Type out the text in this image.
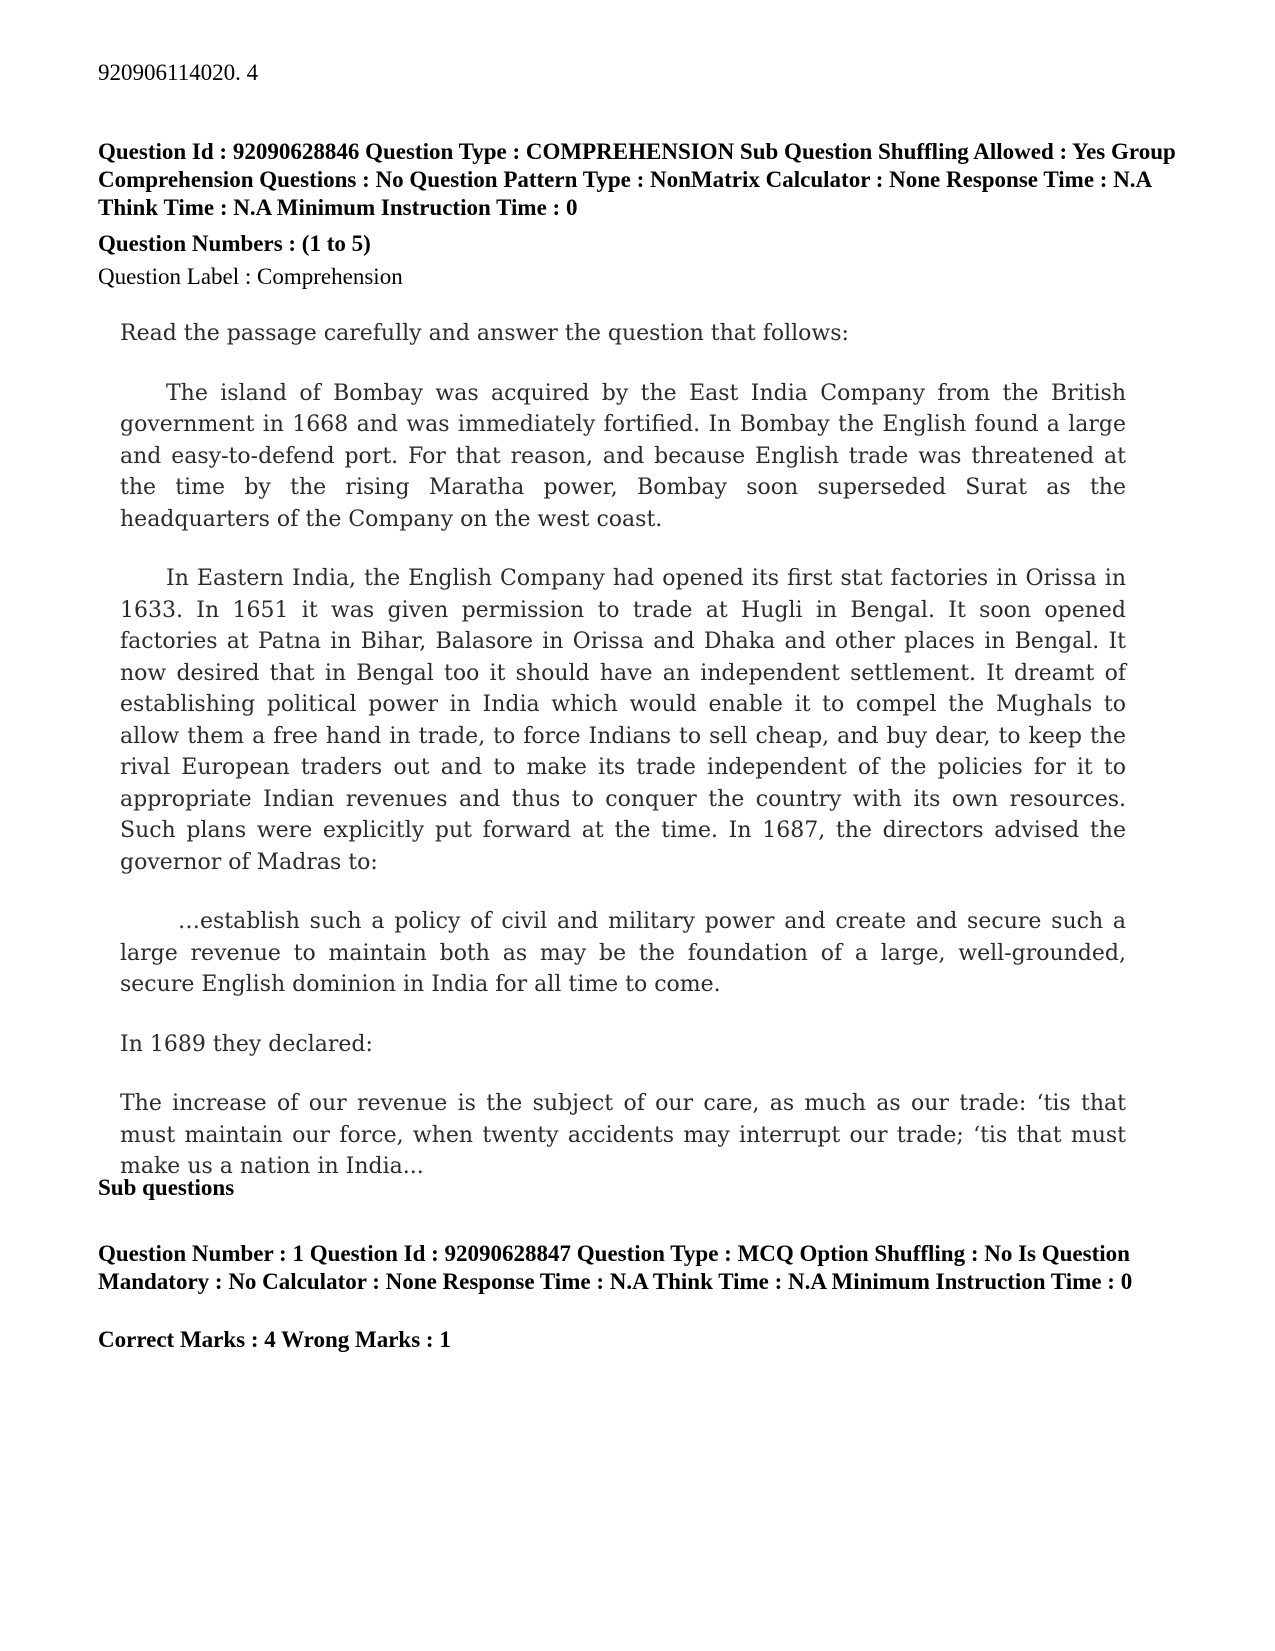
920906114020. 4
Question Id : 92090628846 Question Type : COMPREHENSION Sub Question Shuffling Allowed : Yes Group Comprehension Questions : No Question Pattern Type : NonMatrix Calculator : None Response Time : N.A Think Time : N.A Minimum Instruction Time : 0
Question Numbers : (1 to 5)
Question Label : Comprehension

Read the passage carefully and answer the question that follows:

The island of Bombay was acquired by the East India Company from the British government in 1668 and was immediately fortified. In Bombay the English found a large and easy-to-defend port. For that reason, and because English trade was threatened at the time by the rising Maratha power, Bombay soon superseded Surat as the headquarters of the Company on the west coast.

In Eastern India, the English Company had opened its first stat factories in Orissa in 1633. In 1651 it was given permission to trade at Hugli in Bengal. It soon opened factories at Patna in Bihar, Balasore in Orissa and Dhaka and other places in Bengal. It now desired that in Bengal too it should have an independent settlement. It dreamt of establishing political power in India which would enable it to compel the Mughals to allow them a free hand in trade, to force Indians to sell cheap, and buy dear, to keep the rival European traders out and to make its trade independent of the policies for it to appropriate Indian revenues and thus to conquer the country with its own resources. Such plans were explicitly put forward at the time. In 1687, the directors advised the governor of Madras to:

…establish such a policy of civil and military power and create and secure such a large revenue to maintain both as may be the foundation of a large, well-grounded, secure English dominion in India for all time to come.

In 1689 they declared:

The increase of our revenue is the subject of our care, as much as our trade: ‘tis that must maintain our force, when twenty accidents may interrupt our trade; ‘tis that must make us a nation in India...

Sub questions
Question Number : 1 Question Id : 92090628847 Question Type : MCQ Option Shuffling : No Is Question Mandatory : No Calculator : None Response Time : N.A Think Time : N.A Minimum Instruction Time : 0
Correct Marks : 4 Wrong Marks : 1
